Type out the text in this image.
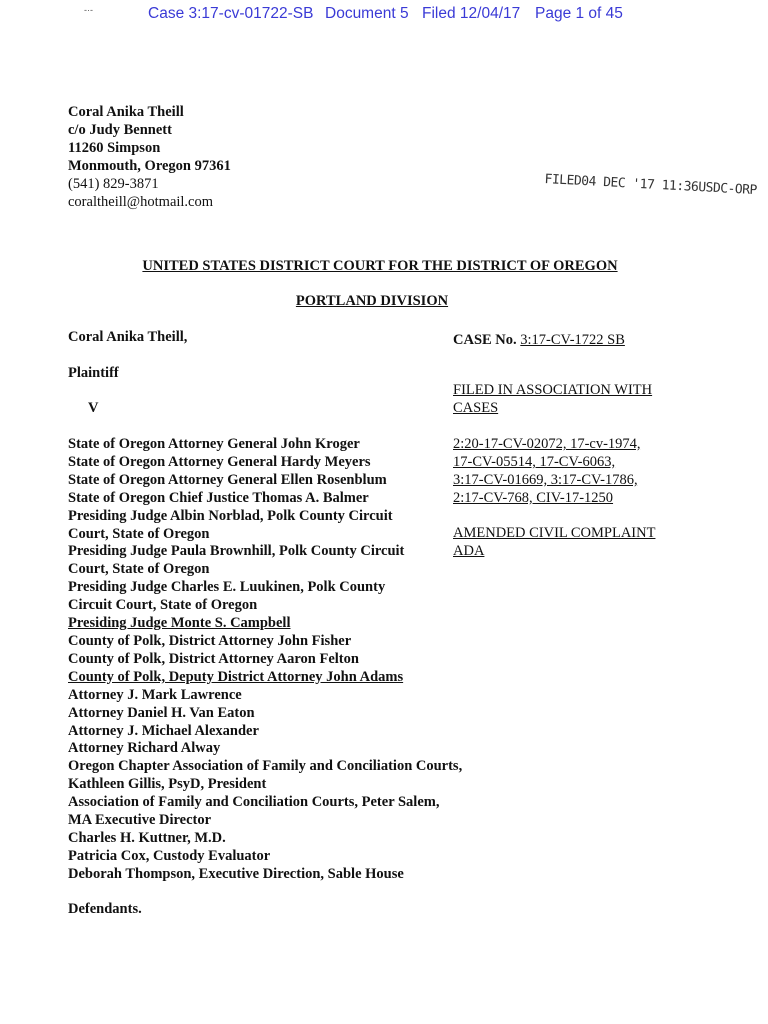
-·-	Case 3:17-cv-01722-SB Document 5 Filed 12/04/17 Page 1 of 45
Coral Anika Theill
c/o Judy Bennett
11260 Simpson
Monmouth, Oregon 97361
(541) 829-3871
coraltheill@hotmail.com
FILED04 DEC '17 11:36USDC-ORP
UNITED STATES DISTRICT COURT FOR THE DISTRICT OF OREGON
PORTLAND DIVISION
Coral Anika Theill,
Plaintiff
V
CASE No. 3:17-CV-1722 SB
FILED IN ASSOCIATION WITH
CASES
2:20-17-CV-02072, 17-cv-1974,
17-CV-05514, 17-CV-6063,
3:17-CV-01669, 3:17-CV-1786,
2:17-CV-768, CIV-17-1250
AMENDED CIVIL COMPLAINT
ADA
State of Oregon Attorney General John Kroger
State of Oregon Attorney General Hardy Meyers
State of Oregon Attorney General Ellen Rosenblum
State of Oregon Chief Justice Thomas A. Balmer
Presiding Judge Albin Norblad, Polk County Circuit
Court, State of Oregon
Presiding Judge Paula Brownhill, Polk County Circuit
Court, State of Oregon
Presiding Judge Charles E. Luukinen, Polk County
Circuit Court, State of Oregon
Presiding Judge Monte S. Campbell
County of Polk, District Attorney John Fisher
County of Polk, District Attorney Aaron Felton
County of Polk, Deputy District Attorney John Adams
Attorney J. Mark Lawrence
Attorney Daniel H. Van Eaton
Attorney J. Michael Alexander
Attorney Richard Alway
Oregon Chapter Association of Family and Conciliation Courts,
Kathleen Gillis, PsyD, President
Association of Family and Conciliation Courts, Peter Salem,
MA Executive Director
Charles H. Kuttner, M.D.
Patricia Cox, Custody Evaluator
Deborah Thompson, Executive Direction, Sable House
Defendants.
